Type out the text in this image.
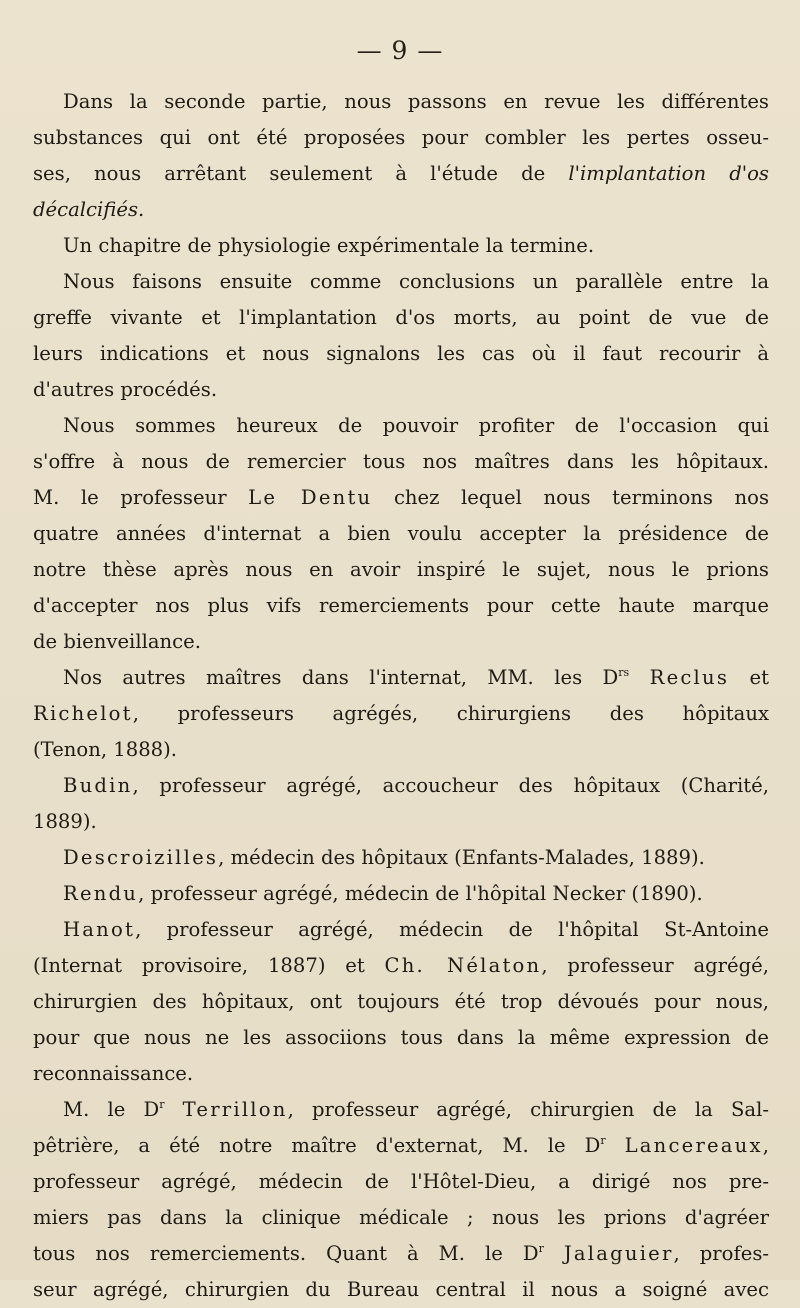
— 9 —
Dans la seconde partie, nous passons en revue les différentes
substances qui ont été proposées pour combler les pertes osseu-
ses, nous arrêtant seulement à l'étude de l'implantation d'os
décalcifiés.
Un chapitre de physiologie expérimentale la termine.
Nous faisons ensuite comme conclusions un parallèle entre la
greffe vivante et l'implantation d'os morts, au point de vue de
leurs indications et nous signalons les cas où il faut recourir à
d'autres procédés.
Nous sommes heureux de pouvoir profiter de l'occasion qui
s'offre à nous de remercier tous nos maîtres dans les hôpitaux.
M. le professeur Le Dentu chez lequel nous terminons nos
quatre années d'internat a bien voulu accepter la présidence de
notre thèse après nous en avoir inspiré le sujet, nous le prions
d'accepter nos plus vifs remerciements pour cette haute marque
de bienveillance.
Nos autres maîtres dans l'internat, MM. les $D^{rs}$ Reclus et
Richelot, professeurs agrégés, chirurgiens des hôpitaux
(Tenon, 1888).
Budin, professeur agrégé, accoucheur des hôpitaux (Charité,
1889).
Descroizilles, médecin des hôpitaux (Enfants-Malades, 1889).
Rendu, professeur agrégé, médecin de l'hôpital Necker (1890).
Hanot, professeur agrégé, médecin de l'hôpital St-Antoine
(Internat provisoire, 1887) et Ch. Nélaton, professeur agrégé,
chirurgien des hôpitaux, ont toujours été trop dévoués pour nous,
pour que nous ne les associions tous dans la même expression de
reconnaissance.
M. le $D^r$ Terrillon, professeur agrégé, chirurgien de la Sal-
pêtrière, a été notre maître d'externat, M. le $D^r$ Lancereaux,
professeur agrégé, médecin de l'Hôtel-Dieu, a dirigé nos pre-
miers pas dans la clinique médicale ; nous les prions d'agréer
tous nos remerciements. Quant à M. le $D^r$ Jalaguier, profes-
seur agrégé, chirurgien du Bureau central il nous a soigné avec
